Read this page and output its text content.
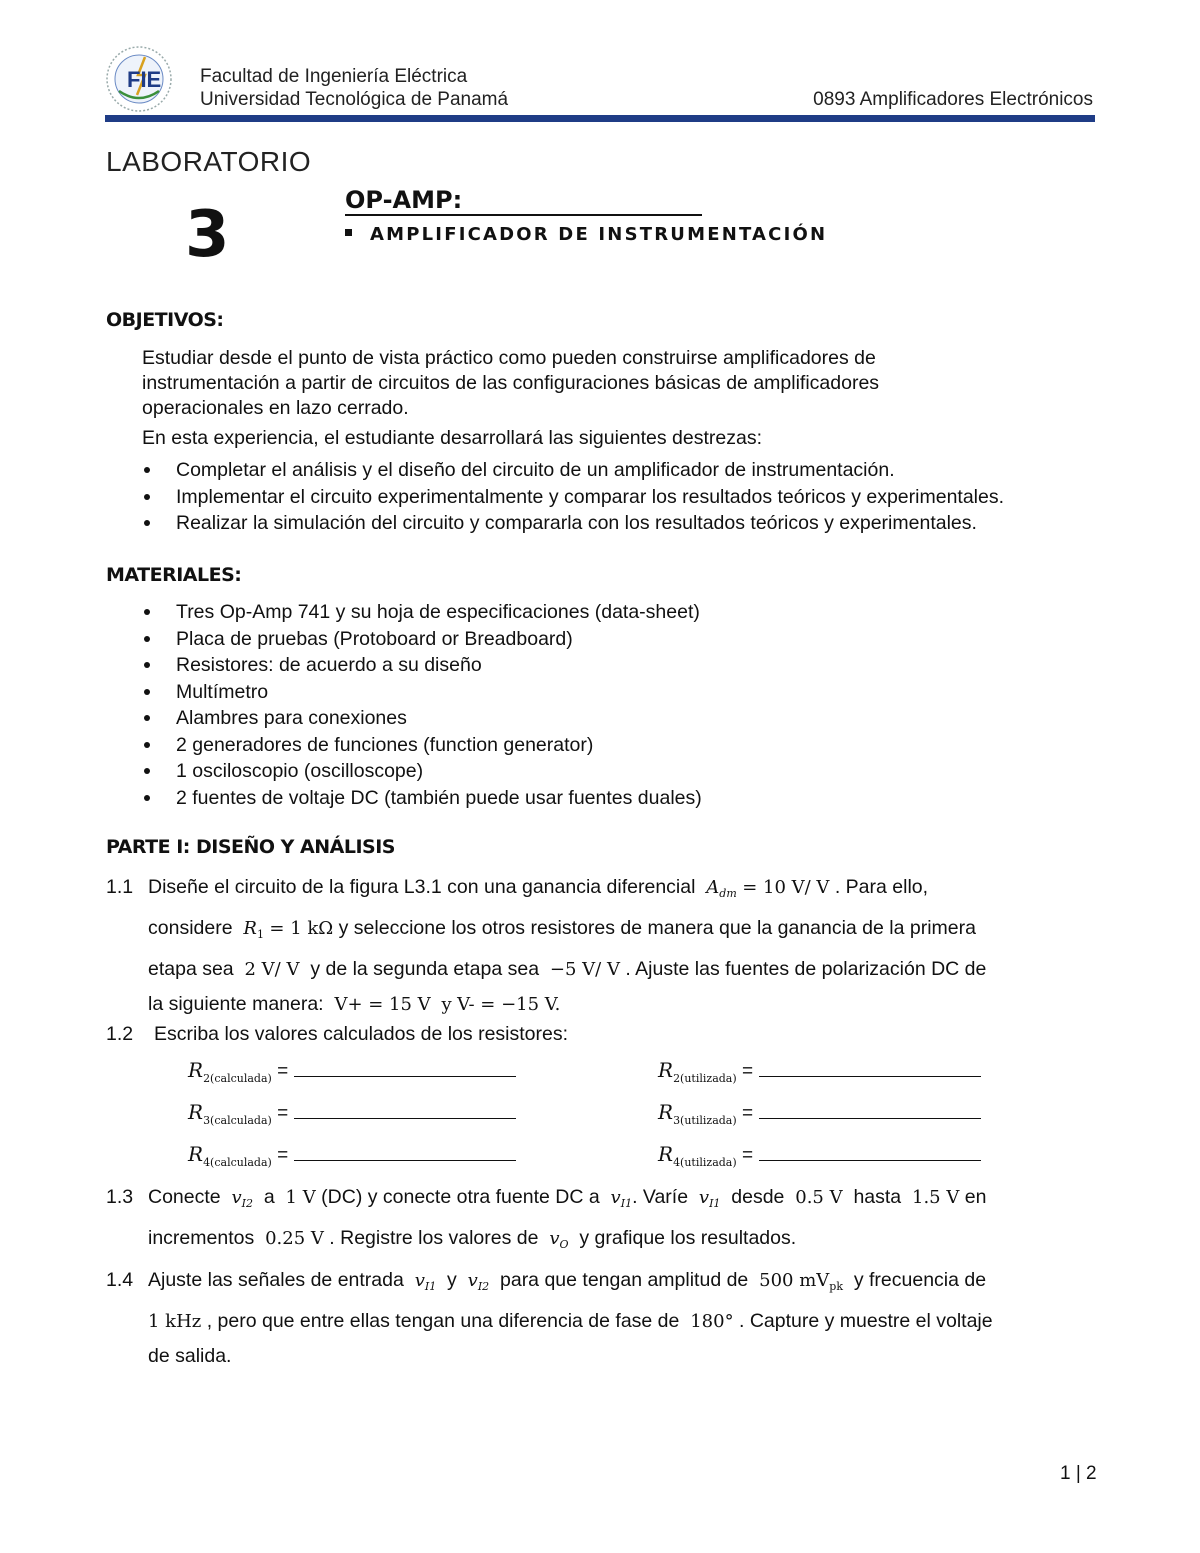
FIE Facultad de Ingeniería Eléctrica
Universidad Tecnológica de Panamá	0893 Amplificadores Electrónicos
LABORATORIO
3	OP-AMP:
AMPLIFICADOR DE INSTRUMENTACIÓN
OBJETIVOS:
Estudiar desde el punto de vista práctico como pueden construirse amplificadores de
instrumentación a partir de circuitos de las configuraciones básicas de amplificadores
operacionales en lazo cerrado.
En esta experiencia, el estudiante desarrollará las siguientes destrezas:
Completar el análisis y el diseño del circuito de un amplificador de instrumentación.
Implementar el circuito experimentalmente y comparar los resultados teóricos y experimentales.
Realizar la simulación del circuito y compararla con los resultados teóricos y experimentales.
MATERIALES:
Tres Op-Amp 741 y su hoja de especificaciones (data-sheet)
Placa de pruebas (Protoboard or Breadboard)
Resistores: de acuerdo a su diseño
Multímetro
Alambres para conexiones
2 generadores de funciones (function generator)
1 osciloscopio (oscilloscope)
2 fuentes de voltaje DC (también puede usar fuentes duales)
PARTE I: DISEÑO Y ANÁLISIS
1.1 Diseñe el circuito de la figura L3.1 con una ganancia diferencial $A_{dm} = 10$ V/ V . Para ello,
considere $R_1 = 1$ kΩ y seleccione los otros resistores de manera que la ganancia de la primera
etapa sea 2 V/ V y de la segunda etapa sea −5 V/ V . Ajuste las fuentes de polarización DC de
la siguiente manera: V+ = 15 V y V- = −15 V.
1.2 Escriba los valores calculados de los resistores:
$R_{2(calculada)}$ =	$R_{2(utilizada)}$ =
$R_{3(calculada)}$ =	$R_{3(utilizada)}$ =
$R_{4(calculada)}$ =	$R_{4(utilizada)}$ =
1.3 Conecte $v_{I2}$ a 1 V (DC) y conecte otra fuente DC a $v_{I1}$. Varíe $v_{I1}$ desde 0.5 V hasta 1.5 V en
incrementos 0.25 V . Registre los valores de $v_O$ y grafique los resultados.
1.4 Ajuste las señales de entrada $v_{I1}$ y $v_{I2}$ para que tengan amplitud de 500 $mV_{pk}$ y frecuencia de
1 kHz , pero que entre ellas tengan una diferencia de fase de 180° . Capture y muestre el voltaje
de salida.
1 | 2
